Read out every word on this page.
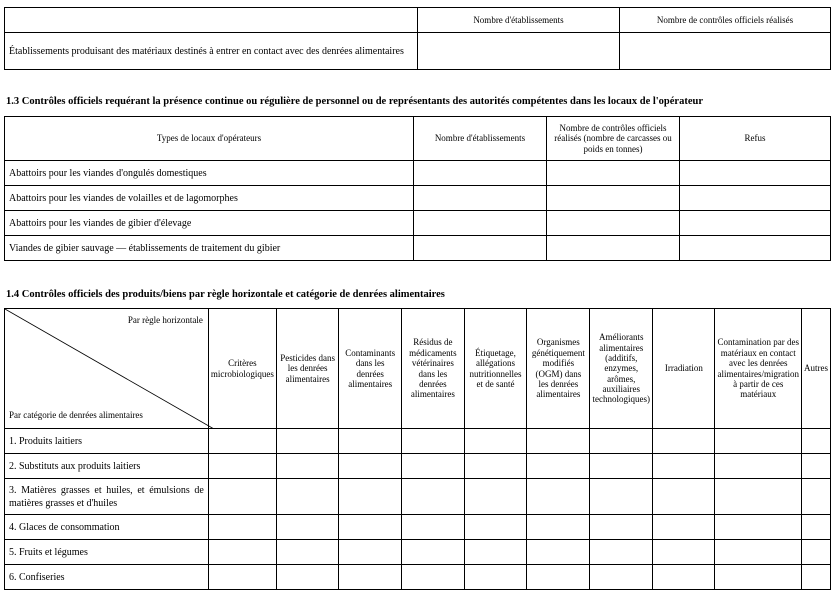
	Nombre d'établissements	Nombre de contrôles officiels réalisés
Établissements produisant des matériaux destinés à entrer en contact avec des denrées alimentaires		
1.3 Contrôles officiels requérant la présence continue ou régulière de personnel ou de représentants des autorités compétentes dans les locaux de l'opérateur
Types de locaux d'opérateurs	Nombre d'établissements	Nombre de contrôles officiels réalisés (nombre de carcasses ou poids en tonnes)	Refus
Abattoirs pour les viandes d'ongulés domestiques			
Abattoirs pour les viandes de volailles et de lagomorphes			
Abattoirs pour les viandes de gibier d'élevage			
Viandes de gibier sauvage — établissements de traitement du gibier			
1.4 Contrôles officiels des produits/biens par règle horizontale et catégorie de denrées alimentaires
Par règle horizontale
Par catégorie de denrées alimentaires	Critères microbiologiques	Pesticides dans les denrées alimentaires	Contaminants dans les denrées alimentaires	Résidus de médicaments vétérinaires dans les denrées alimentaires	Étiquetage, allégations nutritionnelles et de santé	Organismes génétiquement modifiés (OGM) dans les denrées alimentaires	Améliorants alimentaires (additifs, enzymes, arômes, auxiliaires technologiques)	Irradiation	Contamination par des matériaux en contact avec les denrées alimentaires/migration à partir de ces matériaux	Autres
1. Produits laitiers										
2. Substituts aux produits laitiers										
3. Matières grasses et huiles, et émulsions de matières grasses et d'huiles										
4. Glaces de consommation										
5. Fruits et légumes										
6. Confiseries										
